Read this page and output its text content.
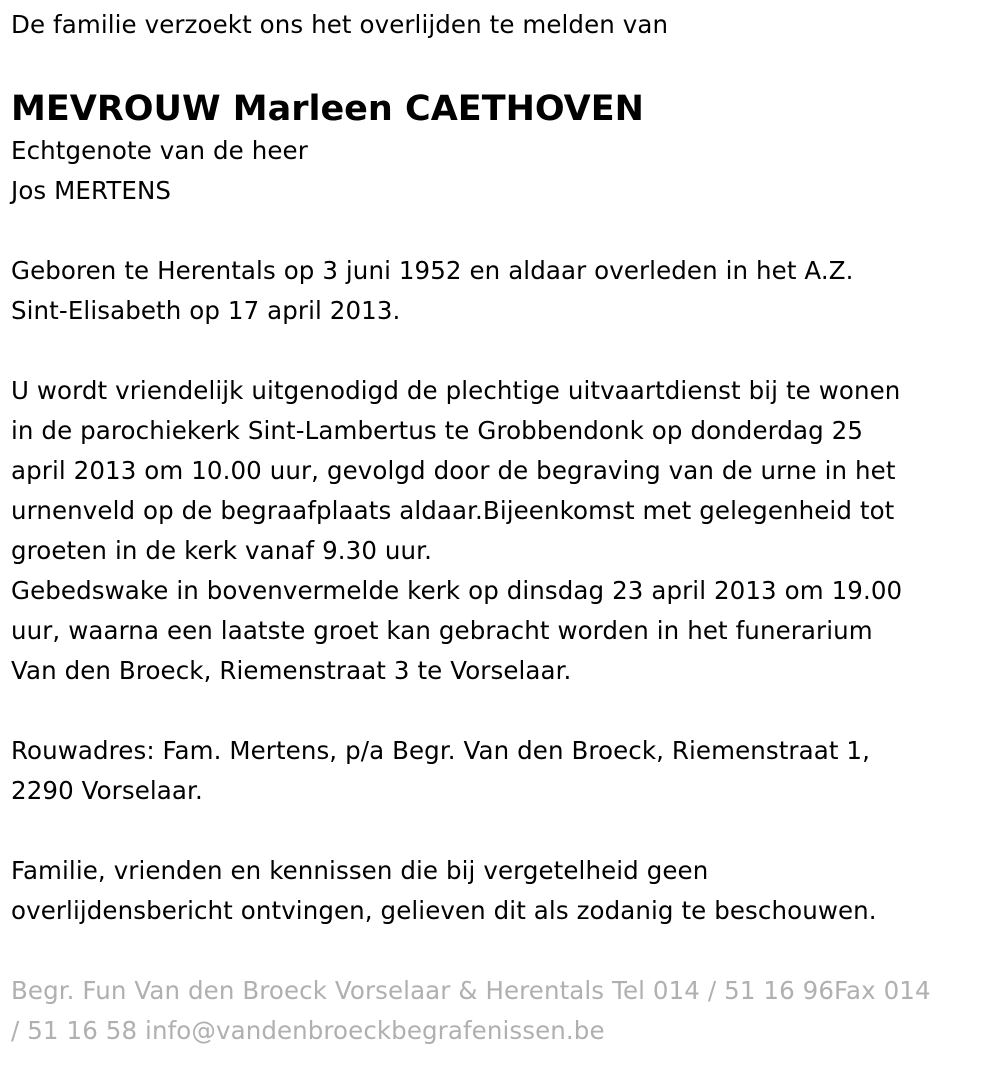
De familie verzoekt ons het overlijden te melden van
MEVROUW Marleen CAETHOVEN
Echtgenote van de heer
Jos MERTENS
Geboren te Herentals op 3 juni 1952 en aldaar overleden in het A.Z.
Sint-Elisabeth op 17 april 2013.
U wordt vriendelijk uitgenodigd de plechtige uitvaartdienst bij te wonen
in de parochiekerk Sint-Lambertus te Grobbendonk op donderdag 25
april 2013 om 10.00 uur, gevolgd door de begraving van de urne in het
urnenveld op de begraafplaats aldaar.Bijeenkomst met gelegenheid tot
groeten in de kerk vanaf 9.30 uur.
Gebedswake in bovenvermelde kerk op dinsdag 23 april 2013 om 19.00
uur, waarna een laatste groet kan gebracht worden in het funerarium
Van den Broeck, Riemenstraat 3 te Vorselaar.
Rouwadres: Fam. Mertens, p/a Begr. Van den Broeck, Riemenstraat 1,
2290 Vorselaar.
Familie, vrienden en kennissen die bij vergetelheid geen
overlijdensbericht ontvingen, gelieven dit als zodanig te beschouwen.
Begr. Fun Van den Broeck Vorselaar & Herentals Tel 014 / 51 16 96Fax 014
/ 51 16 58 info@vandenbroeckbegrafenissen.be
